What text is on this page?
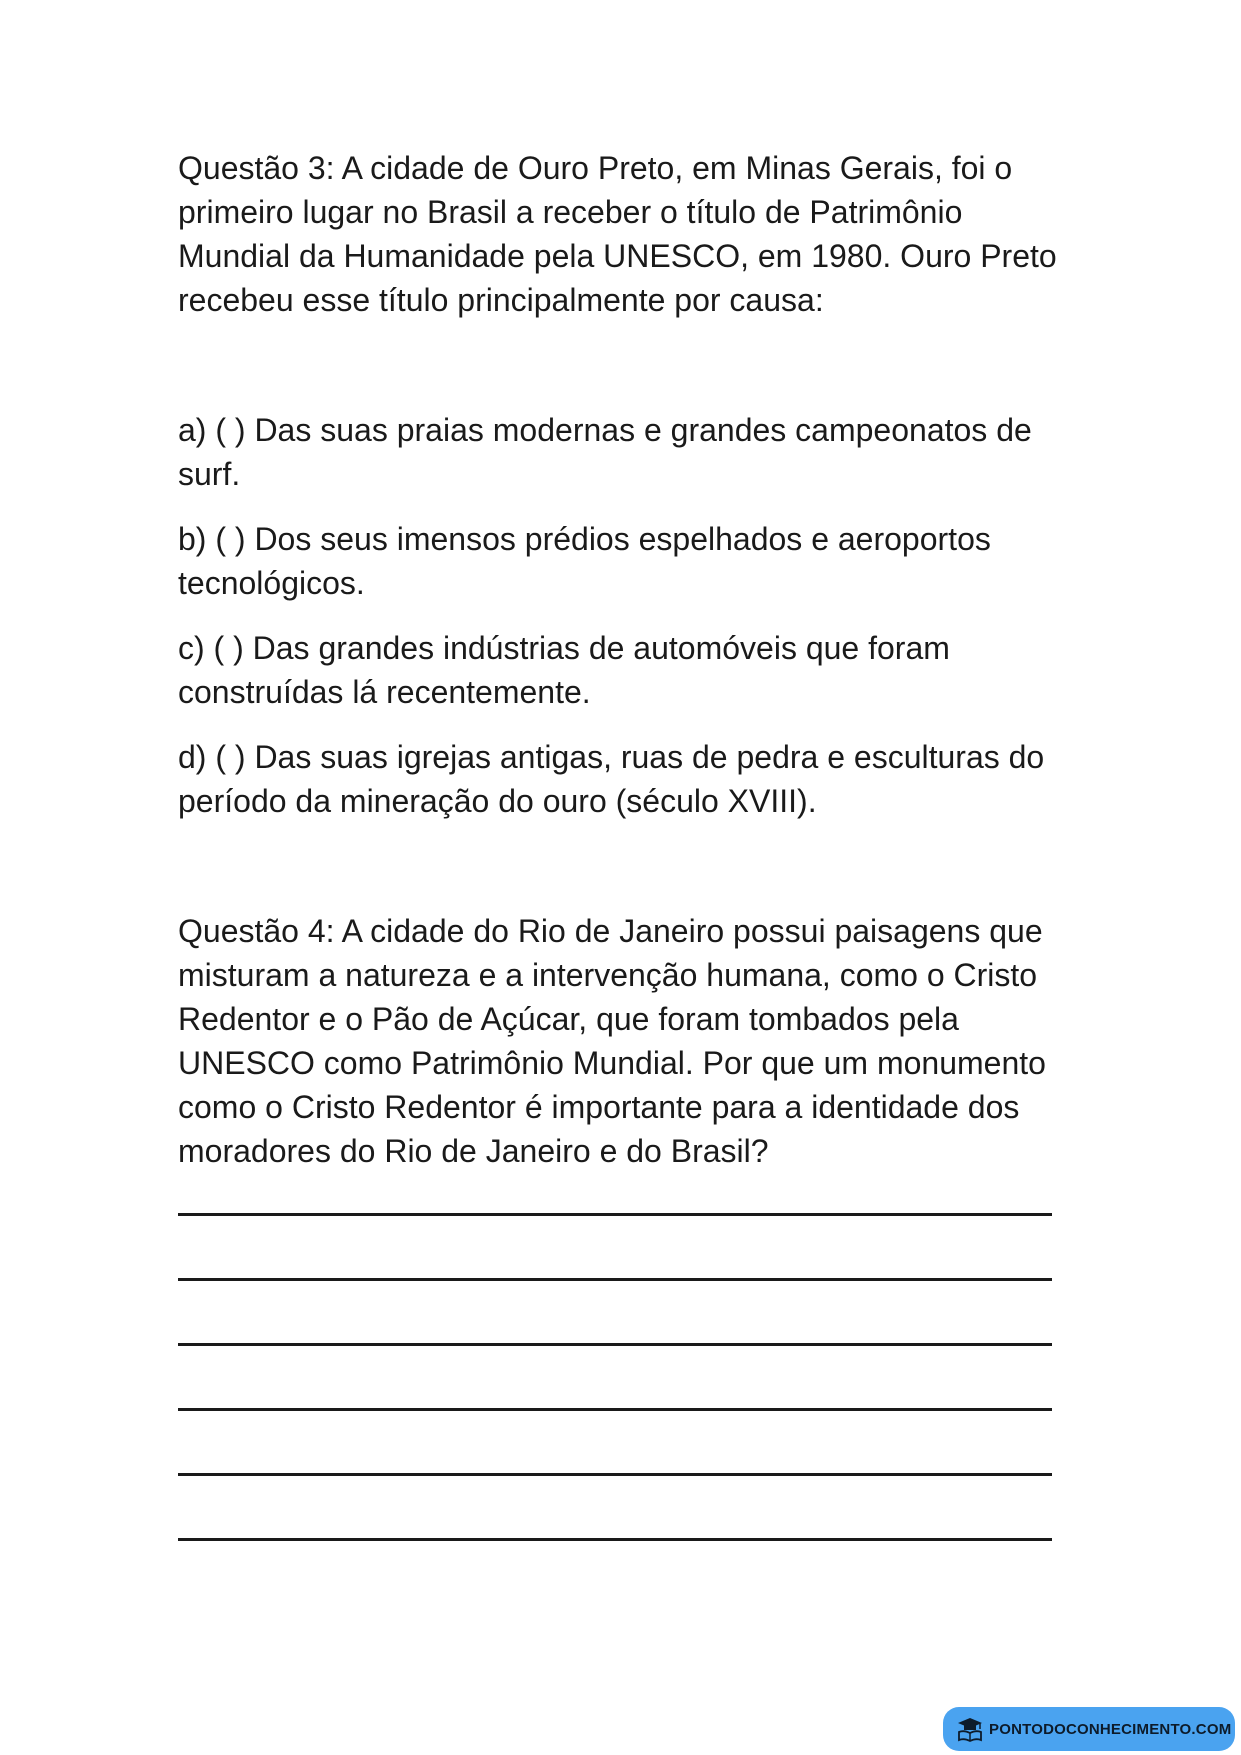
Questão 3: A cidade de Ouro Preto, em Minas Gerais, foi o primeiro lugar no Brasil a receber o título de Patrimônio Mundial da Humanidade pela UNESCO, em 1980. Ouro Preto recebeu esse título principalmente por causa:

a) ( ) Das suas praias modernas e grandes campeonatos de surf.

b) ( ) Dos seus imensos prédios espelhados e aeroportos tecnológicos.

c) ( ) Das grandes indústrias de automóveis que foram construídas lá recentemente.

d) ( ) Das suas igrejas antigas, ruas de pedra e esculturas do período da mineração do ouro (século XVIII).

Questão 4: A cidade do Rio de Janeiro possui paisagens que misturam a natureza e a intervenção humana, como o Cristo Redentor e o Pão de Açúcar, que foram tombados pela UNESCO como Patrimônio Mundial. Por que um monumento como o Cristo Redentor é importante para a identidade dos moradores do Rio de Janeiro e do Brasil?

PONTODOCONHECIMENTO.COM
